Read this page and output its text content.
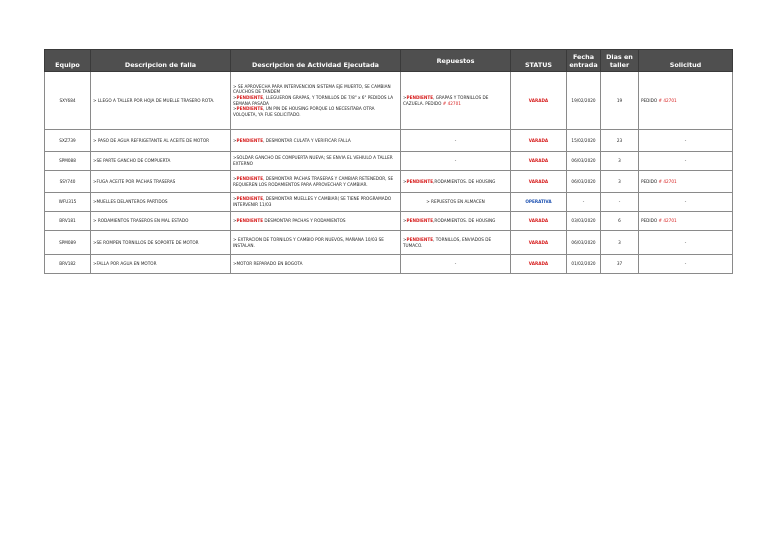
Equipo	Descripcion de falla	Descripcion de Actividad Ejecutada	Repuestos	STATUS	Fecha entrada	Dias en taller	Solicitud
SXY684	> LLEGO A TALLER POR HOJA DE MUELLE TRASERO ROTA.	> SE APROVECHA PARA INTERVENCION SISTEMA EJE MUERTO, SE CAMBIAN CAUCHOS DE TANDEM
>PENDIENTE, LLEGUERON GRAPAS, Y TORNILLOS DE 7/8" x 6" PEDIDOS LA SEMANA PASADA
>PENDIENTE, UN PIN DE HOUSING PORQUE LO NECESITABA OTRA VOLQUETA, YA FUE SOLICITADO.	>PENDIENTE, GRAPAS Y TORNILLOS DE CAZUELA. PEDIDO # 42701	VARADA	19/02/2020	19	PEDIDO # 42701
SXZ739	> PASO DE AGUA REFRIGETANTE AL ACEITE DE MOTOR	>PENDIENTE, DESMONTAR CULATA Y VERIFICAR FALLA	-	VARADA	15/02/2020	23	-
SPM088	>SE PARTE GANCHO DE COMPUERTA	>SOLDAR GANCHO DE COMPUERTA NUEVA; SE ENVIA EL VEHIULO A TALLER EXTERNO	-	VARADA	06/03/2020	3	-
SSY740	>FUGA ACEITE POR PACHAS TRASERAS	>PENDIENTE, DESMONTAR PACHAS TRASERAS Y CAMBIAR RETENEDOR, SE REQUIEREN LOS RODAMIENTOS PARA APROVECHAR Y CAMBIAR.	>PENDIENTE,RODAMIENTOS. DE HOUSING	VARADA	06/03/2020	3	PEDIDO # 42701
WFU315	>MUELLES DELANTEROS PARTIDOS	>PENDIENTE, DESMONTAR MUELLES Y CAMBIAR( SE TIENE PROGRAMADO INTERVENIR 11/03	> REPUESTOS EN ALMACEN	OPERATIVA	-	-	-
BRV181	> RODAMIENTOS TRASEROS EN MAL ESTADO	>PENDIENTE DESMONTAR PACHAS Y RODAMIENTOS	>PENDIENTE,RODAMIENTOS. DE HOUSING	VARADA	03/03/2020	6	PEDIDO # 42701
SPM089	>SE ROMPEN TORNILLOS DE SOPORTE DE MOTOR	> EXTRACION DE TORNILOS Y CAMBIO POR NUEVOS, MAÑANA 10/03 SE INSTALAN.	>PENDIENTE, TORNILLOS, ENVIADOS DE TUMACO.	VARADA	06/03/2020	3	-
BRV182	>FALLA POR AGUA EN MOTOR	>MOTOR REPARADO EN BOGOTA	-	VARADA	01/02/2020	37	-
